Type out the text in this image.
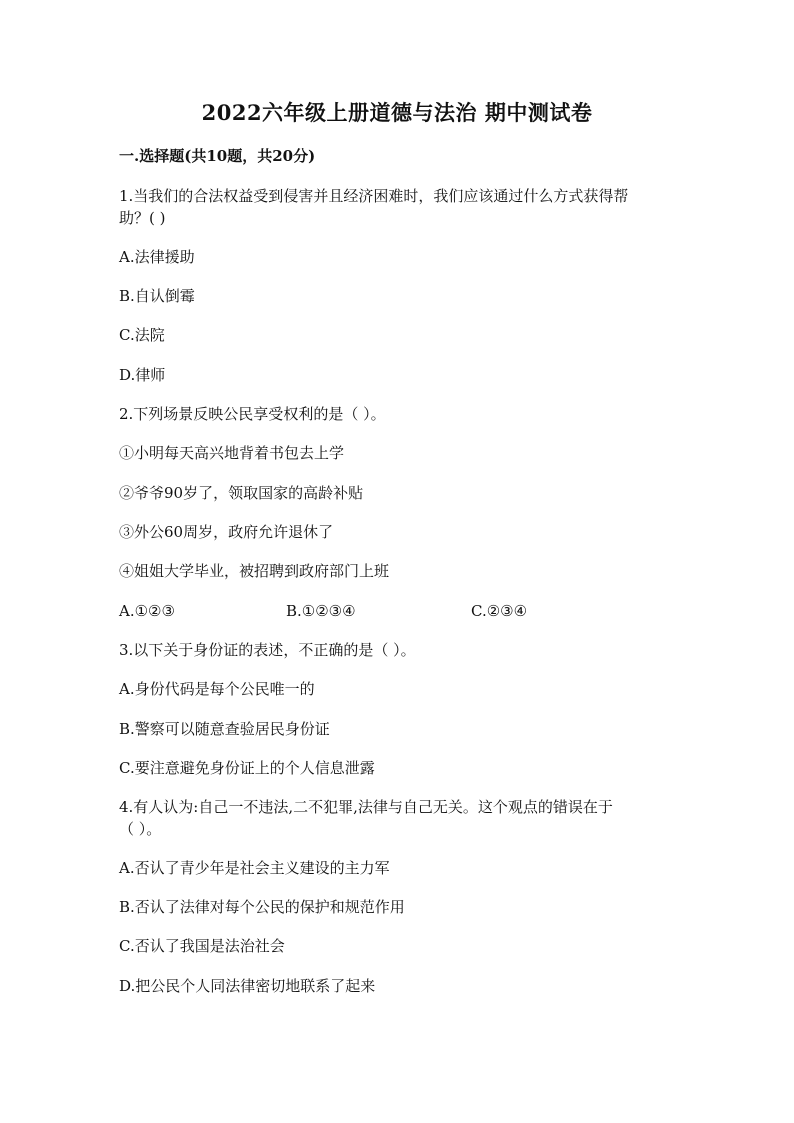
2022六年级上册道德与法治 期中测试卷
一.选择题(共10题，共20分)
1.当我们的合法权益受到侵害并且经济困难时，我们应该通过什么方式获得帮
助？( )
A.法律援助
B.自认倒霉
C.法院
D.律师
2.下列场景反映公民享受权利的是（ ）。
①小明每天高兴地背着书包去上学
②爷爷90岁了，领取国家的高龄补贴
③外公60周岁，政府允许退休了
④姐姐大学毕业，被招聘到政府部门上班
A.①②③	B.①②③④	C.②③④
3.以下关于身份证的表述，不正确的是（ ）。
A.身份代码是每个公民唯一的
B.警察可以随意查验居民身份证
C.要注意避免身份证上的个人信息泄露
4.有人认为:自己一不违法,二不犯罪,法律与自己无关。这个观点的错误在于
（ ）。
A.否认了青少年是社会主义建设的主力军
B.否认了法律对每个公民的保护和规范作用
C.否认了我国是法治社会
D.把公民个人同法律密切地联系了起来
